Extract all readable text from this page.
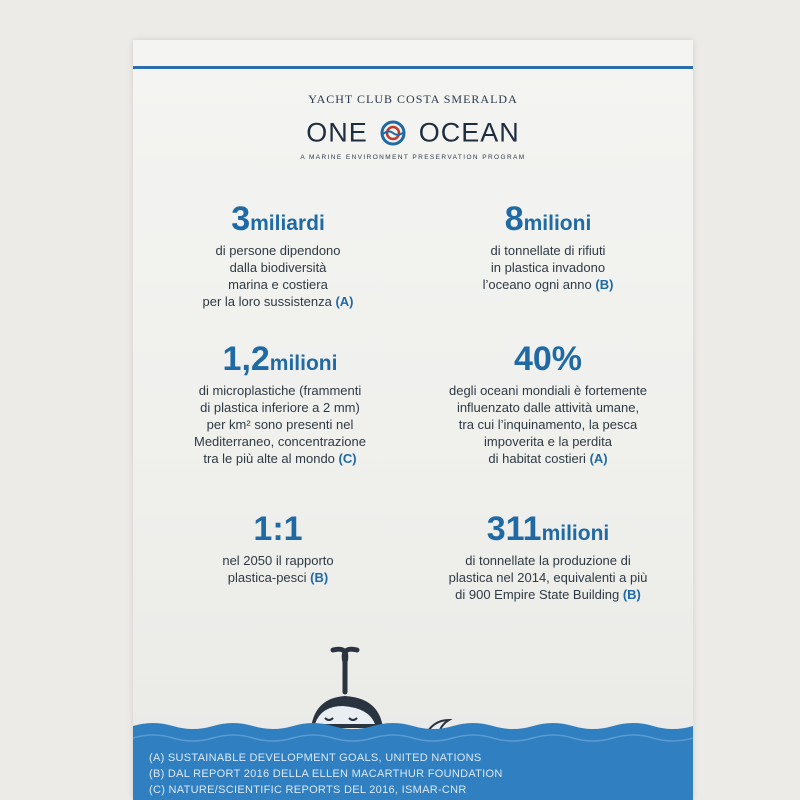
YACHT CLUB COSTA SMERALDA
ONE OCEAN
A MARINE ENVIRONMENT PRESERVATION PROGRAM
3miliardi
di persone dipendono
dalla biodiversità
marina e costiera
per la loro sussistenza (A)
8milioni
di tonnellate di rifiuti
in plastica invadono
l’oceano ogni anno (B)
1,2milioni
di microplastiche (frammenti
di plastica inferiore a 2 mm)
per km² sono presenti nel
Mediterraneo, concentrazione
tra le più alte al mondo (C)
40%
degli oceani mondiali è fortemente
influenzato dalle attività umane,
tra cui l’inquinamento, la pesca
impoverita e la perdita
di habitat costieri (A)
1:1
nel 2050 il rapporto
plastica-pesci (B)
311milioni
di tonnellate la produzione di
plastica nel 2014, equivalenti a più
di 900 Empire State Building (B)
(A) SUSTAINABLE DEVELOPMENT GOALS, UNITED NATIONS
(B) DAL REPORT 2016 DELLA ELLEN MACARTHUR FOUNDATION
(C) NATURE/SCIENTIFIC REPORTS DEL 2016, ISMAR-CNR
